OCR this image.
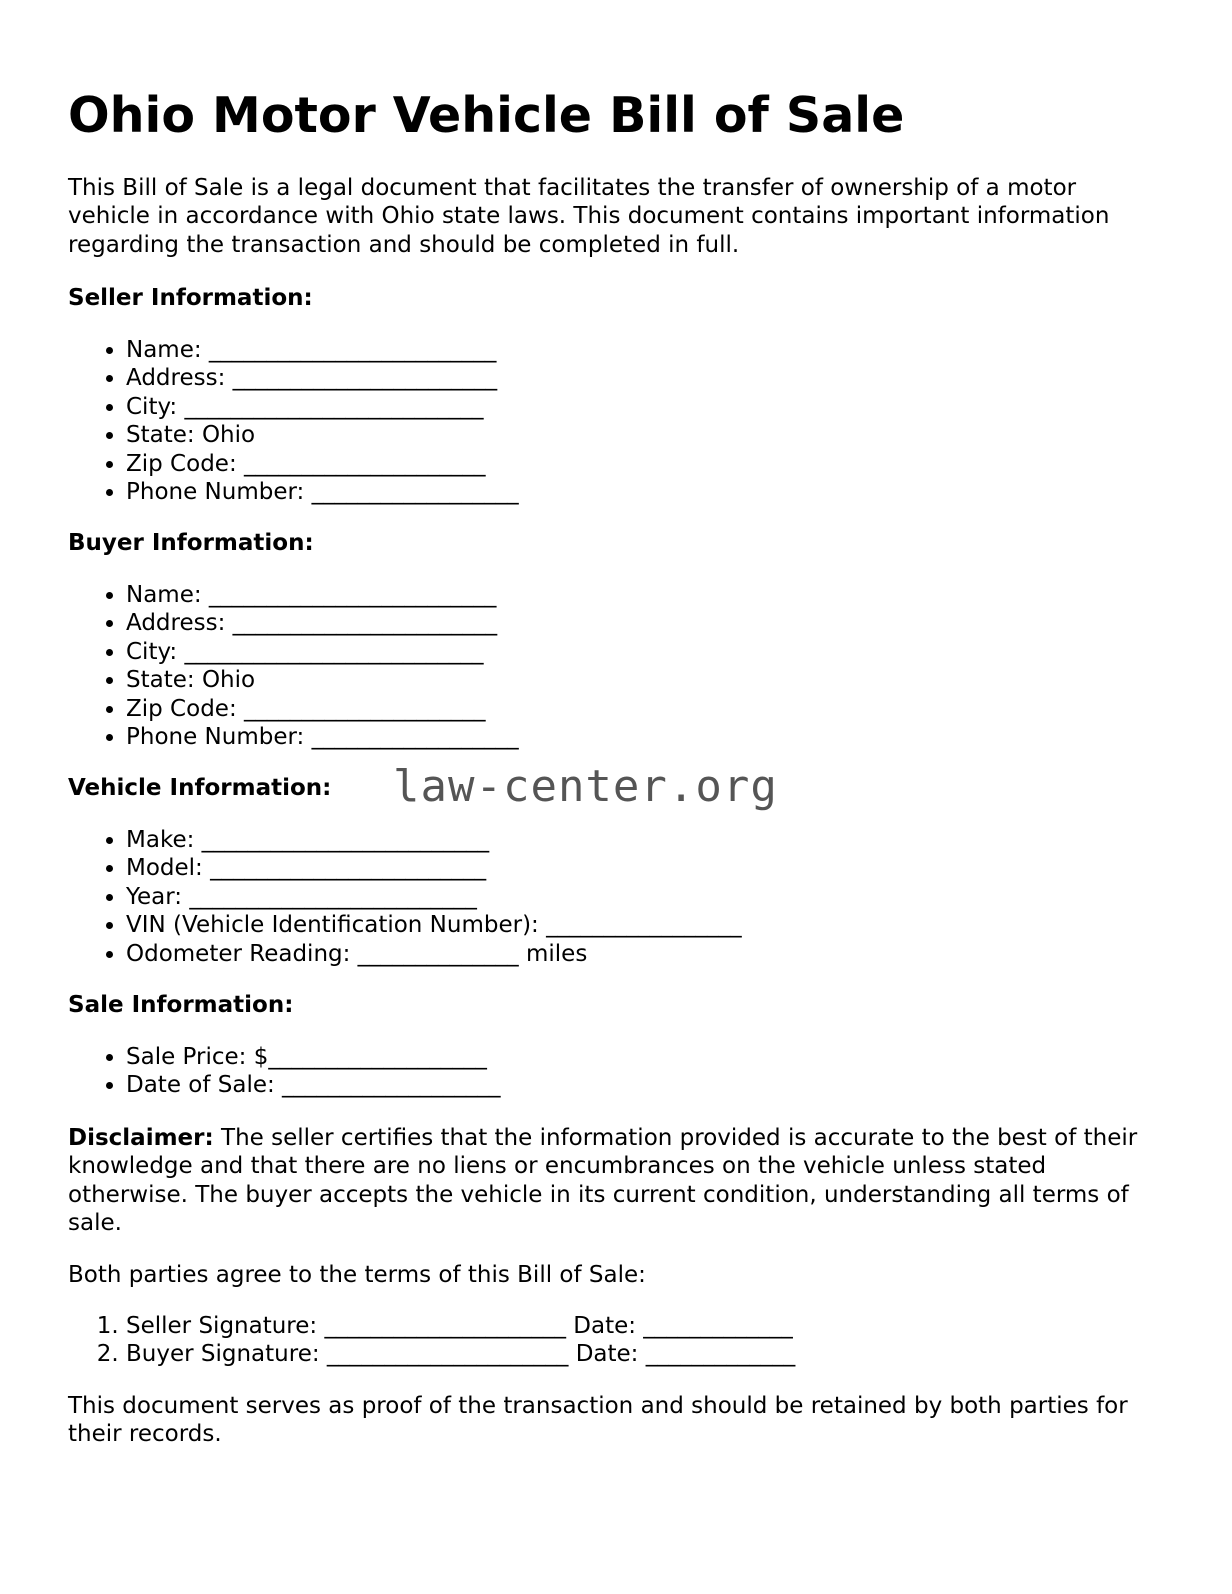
Ohio Motor Vehicle Bill of Sale

This Bill of Sale is a legal document that facilitates the transfer of ownership of a motor vehicle in accordance with Ohio state laws. This document contains important information regarding the transaction and should be completed in full.

Seller Information:

• Name: _________________________
• Address: _______________________
• City: __________________________
• State: Ohio
• Zip Code: _____________________
• Phone Number: __________________

Buyer Information:

• Name: _________________________
• Address: _______________________
• City: __________________________
• State: Ohio
• Zip Code: _____________________
• Phone Number: __________________

Vehicle Information:

• Make: _________________________
• Model: ________________________
• Year: _________________________
• VIN (Vehicle Identification Number): _________________
• Odometer Reading: ______________ miles

Sale Information:

• Sale Price: $___________________
• Date of Sale: ___________________

Disclaimer: The seller certifies that the information provided is accurate to the best of their knowledge and that there are no liens or encumbrances on the vehicle unless stated otherwise. The buyer accepts the vehicle in its current condition, understanding all terms of sale.

Both parties agree to the terms of this Bill of Sale:

1. Seller Signature: _____________________ Date: _____________
2. Buyer Signature: _____________________ Date: _____________

This document serves as proof of the transaction and should be retained by both parties for their records.

law-center.org
